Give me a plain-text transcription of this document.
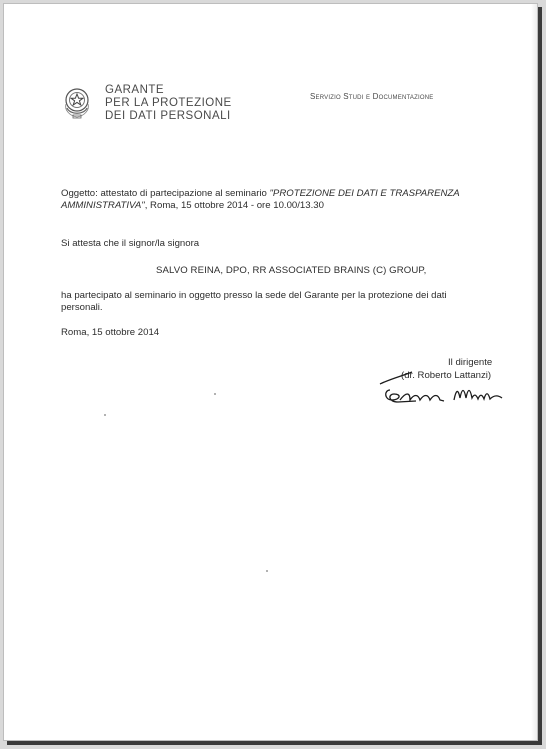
GARANTE
PER LA PROTEZIONE
DEI DATI PERSONALI
Servizio Studi e Documentazione
Oggetto: attestato di partecipazione al seminario "PROTEZIONE DEI DATI E TRASPARENZA
AMMINISTRATIVA", Roma, 15 ottobre 2014 - ore 10.00/13.30
Si attesta che il signor/la signora
SALVO REINA, DPO, RR ASSOCIATED BRAINS (C) GROUP,
ha partecipato al seminario in oggetto presso la sede del Garante per la protezione dei dati
personali.
Roma, 15 ottobre 2014
Il dirigente
(dr. Roberto Lattanzi)
